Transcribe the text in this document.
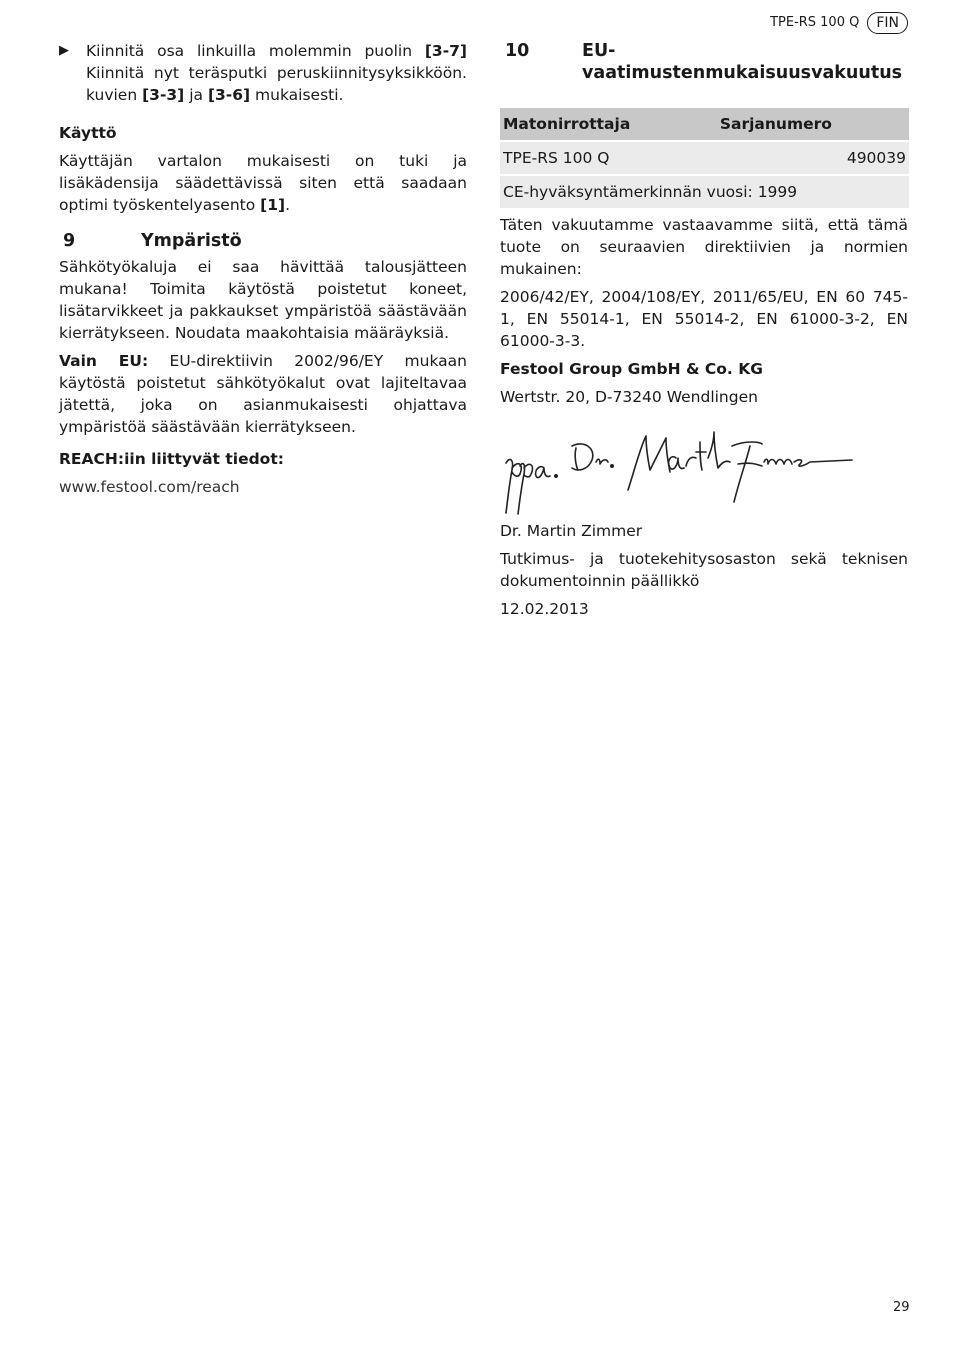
TPE-RS 100 Q	FIN
▶	Kiinnitä osa linkuilla molemmin puolin [3-7] Kiinnitä nyt teräsputki peruskiinnitysyksikköön. kuvien [3-3] ja [3-6] mukaisesti.

Käyttö

Käyttäjän vartalon mukaisesti on tuki ja lisäkädensija säädettävissä siten että saadaan optimi työskentelyasento [1].

9	Ympäristö

Sähkötyökaluja ei saa hävittää talousjätteen mukana! Toimita käytöstä poistetut koneet, lisätarvikkeet ja pakkaukset ympäristöä säästävään kierrätykseen. Noudata maakohtaisia määräyksiä.

Vain EU: EU-direktiivin 2002/96/EY mukaan käytöstä poistetut sähkötyökalut ovat lajiteltavaa jätettä, joka on asianmukaisesti ohjattava ympäristöä säästävään kierrätykseen.

REACH:iin liittyvät tiedot:

www.festool.com/reach

10	EU-vaatimustenmukaisuusvakuutus
Matonirrottaja	Sarjanumero
TPE-RS 100 Q	490039
CE-hyväksyntämerkinnän vuosi: 1999	

Täten vakuutamme vastaavamme siitä, että tämä tuote on seuraavien direktiivien ja normien mukainen:

2006/42/EY, 2004/108/EY, 2011/65/EU, EN 60 745-1, EN 55014-1, EN 55014-2, EN 61000-3-2, EN 61000-3-3.

Festool Group GmbH & Co. KG

Wertstr. 20, D-73240 Wendlingen

Dr. Martin Zimmer

Tutkimus- ja tuotekehitysosaston sekä teknisen dokumentoinnin päällikkö

12.02.2013

29
